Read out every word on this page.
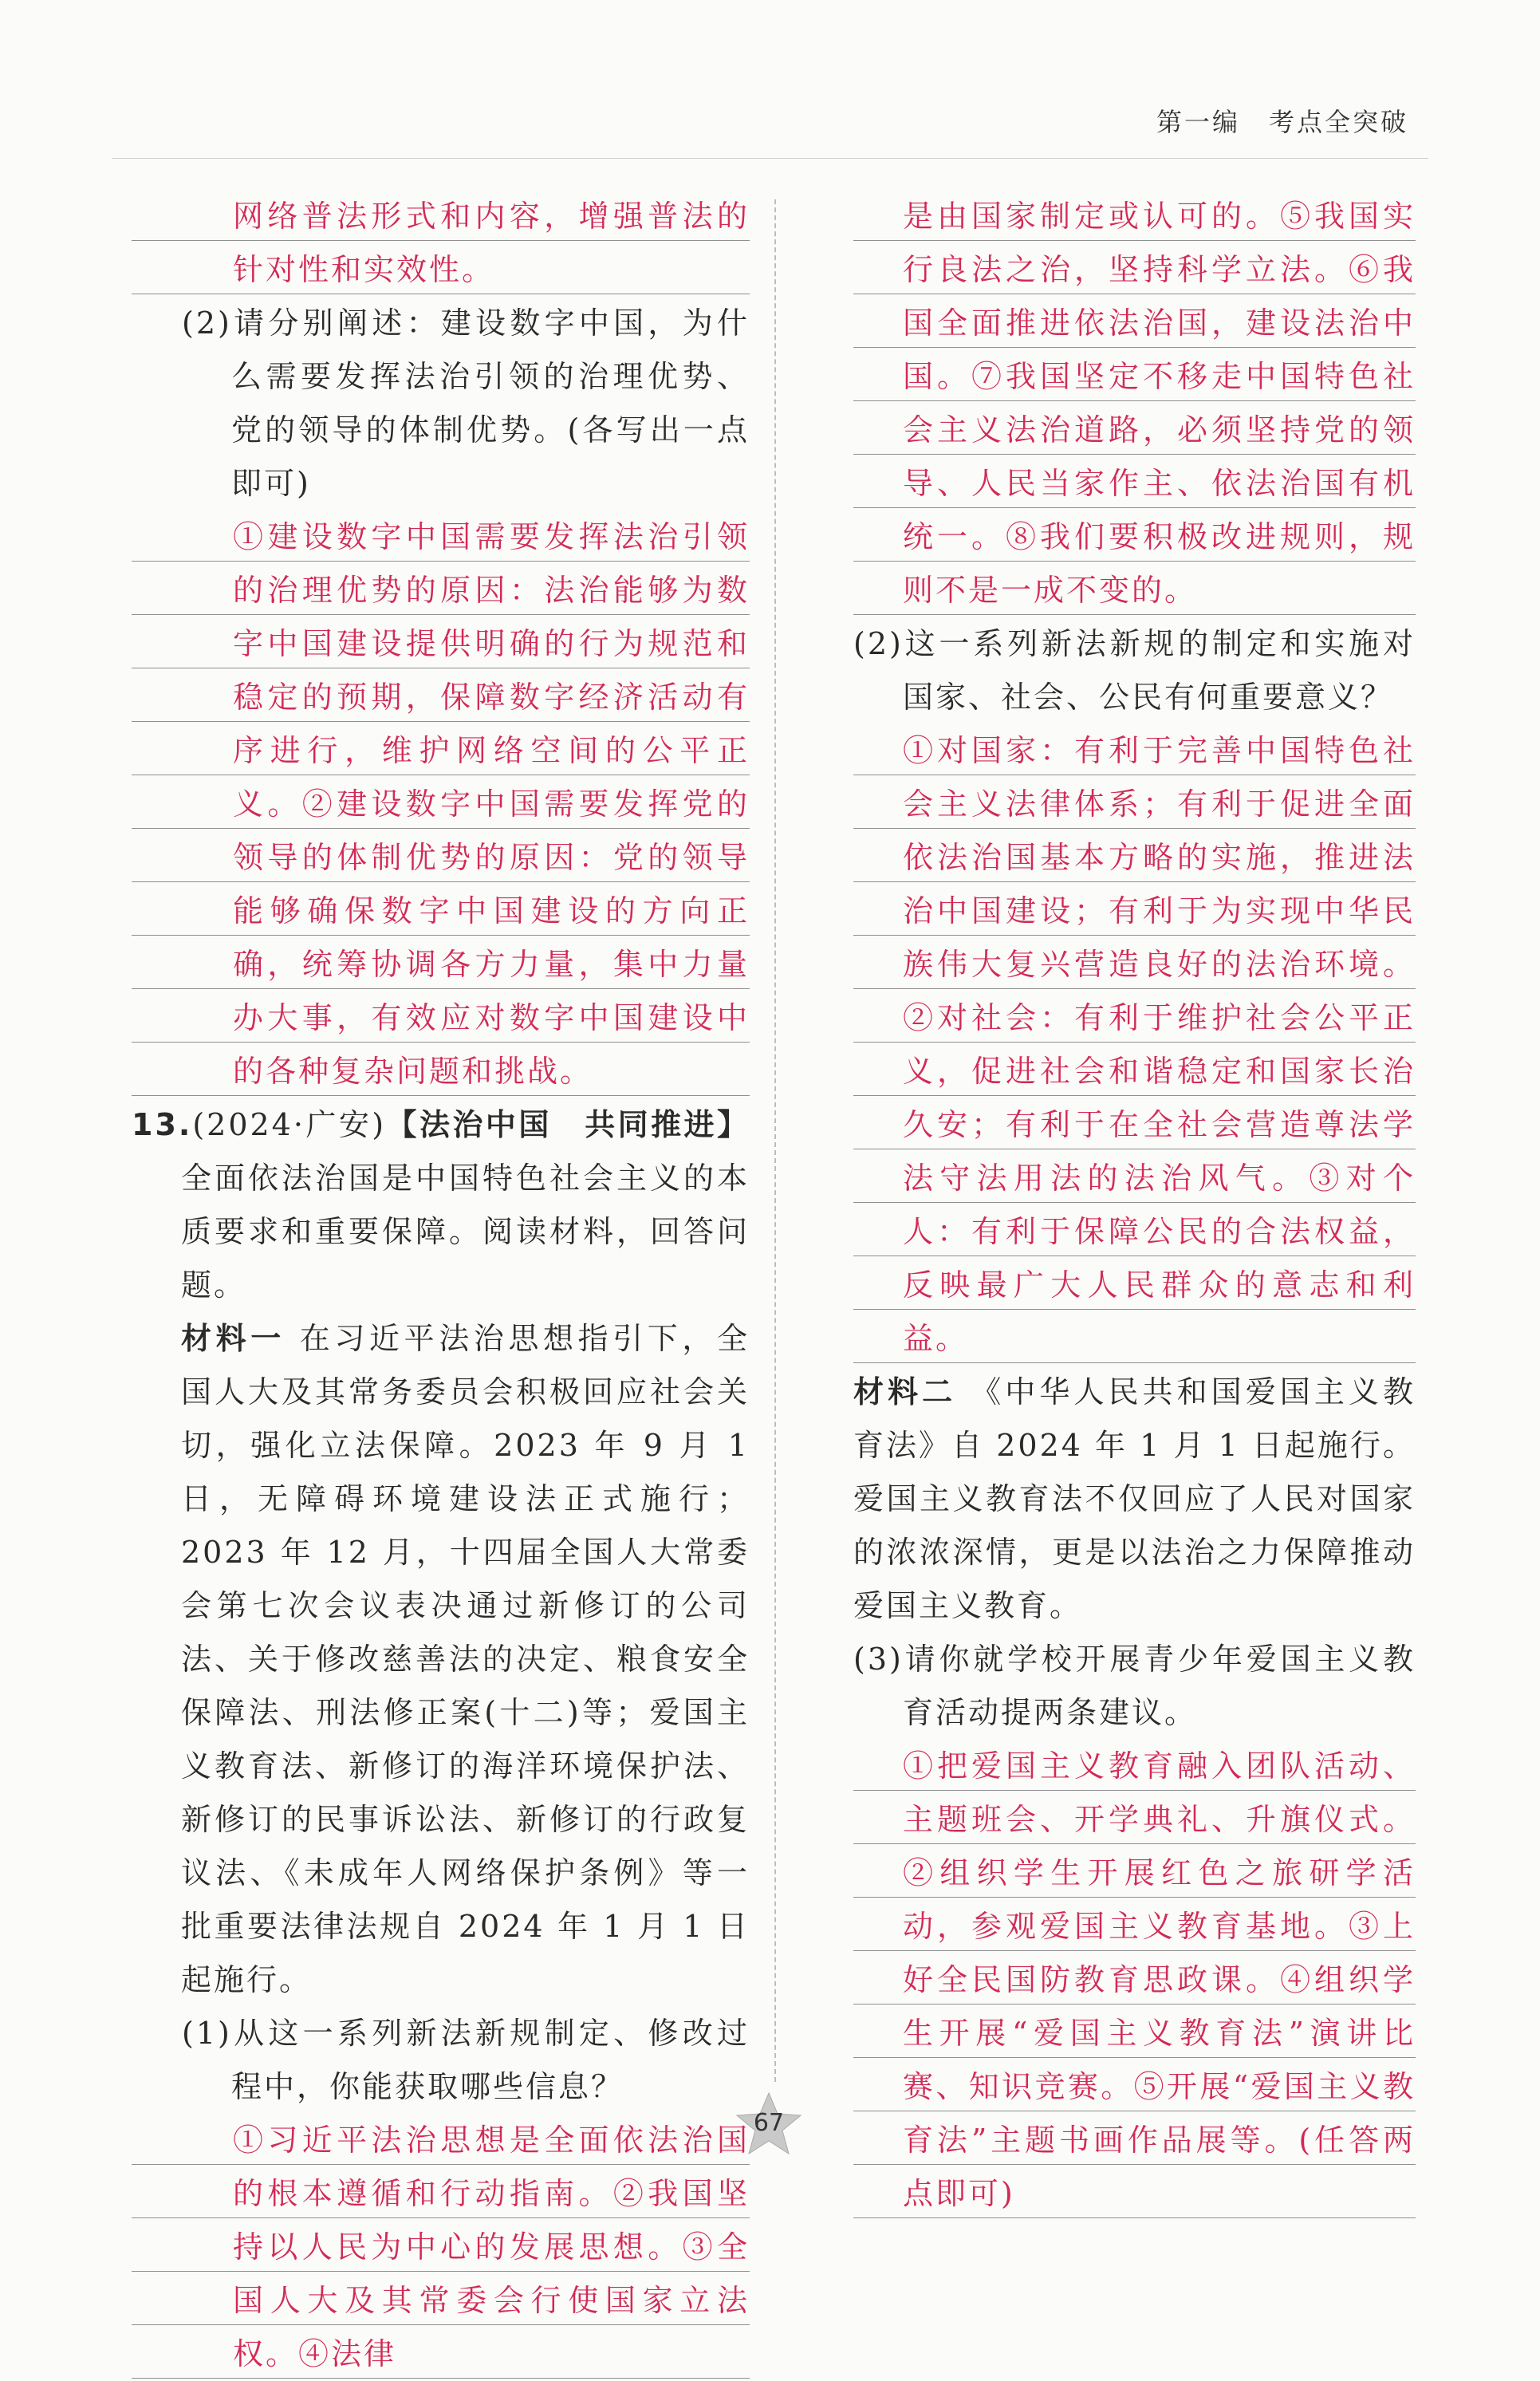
第一编 考点全突破

网络普法形式和内容，增强普法的针对性和实效性。

(2)请分别阐述：建设数字中国，为什么需要发挥法治引领的治理优势、党的领导的体制优势。(各写出一点即可)

①建设数字中国需要发挥法治引领的治理优势的原因：法治能够为数字中国建设提供明确的行为规范和稳定的预期，保障数字经济活动有序进行，维护网络空间的公平正义。②建设数字中国需要发挥党的领导的体制优势的原因：党的领导能够确保数字中国建设的方向正确，统筹协调各方力量，集中力量办大事，有效应对数字中国建设中的各种复杂问题和挑战。

13.(2024·广安)【法治中国　共同推进】全面依法治国是中国特色社会主义的本质要求和重要保障。阅读材料，回答问题。

材料一 在习近平法治思想指引下，全国人大及其常务委员会积极回应社会关切，强化立法保障。2023 年 9 月 1 日，无障碍环境建设法正式施行；2023 年 12 月，十四届全国人大常委会第七次会议表决通过新修订的公司法、关于修改慈善法的决定、粮食安全保障法、刑法修正案(十二)等；爱国主义教育法、新修订的海洋环境保护法、新修订的民事诉讼法、新修订的行政复议法、《未成年人网络保护条例》等一批重要法律法规自 2024 年 1 月 1 日起施行。

(1)从这一系列新法新规制定、修改过程中，你能获取哪些信息？

①习近平法治思想是全面依法治国的根本遵循和行动指南。②我国坚持以人民为中心的发展思想。③全国人大及其常委会行使国家立法权。④法律

是由国家制定或认可的。⑤我国实行良法之治，坚持科学立法。⑥我国全面推进依法治国，建设法治中国。⑦我国坚定不移走中国特色社会主义法治道路，必须坚持党的领导、人民当家作主、依法治国有机统一。⑧我们要积极改进规则，规则不是一成不变的。

(2)这一系列新法新规的制定和实施对国家、社会、公民有何重要意义？

①对国家：有利于完善中国特色社会主义法律体系；有利于促进全面依法治国基本方略的实施，推进法治中国建设；有利于为实现中华民族伟大复兴营造良好的法治环境。②对社会：有利于维护社会公平正义，促进社会和谐稳定和国家长治久安；有利于在全社会营造尊法学法守法用法的法治风气。③对个人：有利于保障公民的合法权益，反映最广大人民群众的意志和利益。

材料二 《中华人民共和国爱国主义教育法》自 2024 年 1 月 1 日起施行。爱国主义教育法不仅回应了人民对国家的浓浓深情，更是以法治之力保障推动爱国主义教育。

(3)请你就学校开展青少年爱国主义教育活动提两条建议。

①把爱国主义教育融入团队活动、主题班会、开学典礼、升旗仪式。②组织学生开展红色之旅研学活动，参观爱国主义教育基地。③上好全民国防教育思政课。④组织学生开展“爱国主义教育法”演讲比赛、知识竞赛。⑤开展“爱国主义教育法”主题书画作品展等。(任答两点即可)

67
